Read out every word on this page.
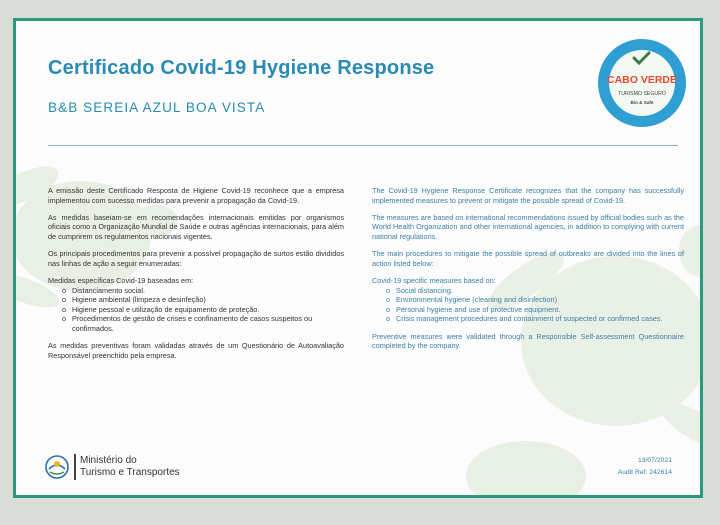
Certificado Covid-19 Hygiene Response
B&B SEREIA AZUL BOA VISTA
CABO VERDE
TURISMO SEGURO
Bio & Safe

A emissão deste Certificado Resposta de Higiene Covid-19 reconhece que a empresa implementou com sucesso medidas para prevenir a propagação da Covid-19.

As medidas baseiam-se em recomendações internacionais emitidas por organismos oficiais como a Organização Mundial de Saúde e outras agências internacionais, para além de cumprirem os regulamentos nacionais vigentes.

Os principais procedimentos para prevenir a possível propagação de surtos estão divididos nas linhas de ação a seguir enumeradas:

Medidas específicas Covid-19 baseadas em:

o Distanciamento social.
o Higiene ambiental (limpeza e desinfeção)
o Higiene pessoal e utilização de equipamento de proteção.
o Procedimentos de gestão de crises e confinamento de casos suspeitos ou confirmados.

As medidas preventivas foram validadas através de um Questionário de Autoavaliação Responsável preenchido pela empresa.

The Covid-19 Hygiene Response Certificate recognizes that the company has successfully implemented measures to prevent or mitigate the possible spread of Covid-19.

The measures are based on international recommendations issued by official bodies such as the World Health Organization and other international agencies, in addition to complying with current national regulations.

The main procedures to mitigate the possible spread of outbreaks are divided into the lines of action listed below:

Covid-19 specific measures based on:

o Social distancing.
o Environmental hygiene (cleaning and disinfection)
o Personal hygiene and use of protective equipment.
o Crisis management procedures and containment of suspected or confirmed cases.

Preventive measures were validated through a Responsible Self-assessment Questionnaire completed by the company.

Ministério do
Turismo e Transportes
13/07/2021
Audit Ref: 242614
